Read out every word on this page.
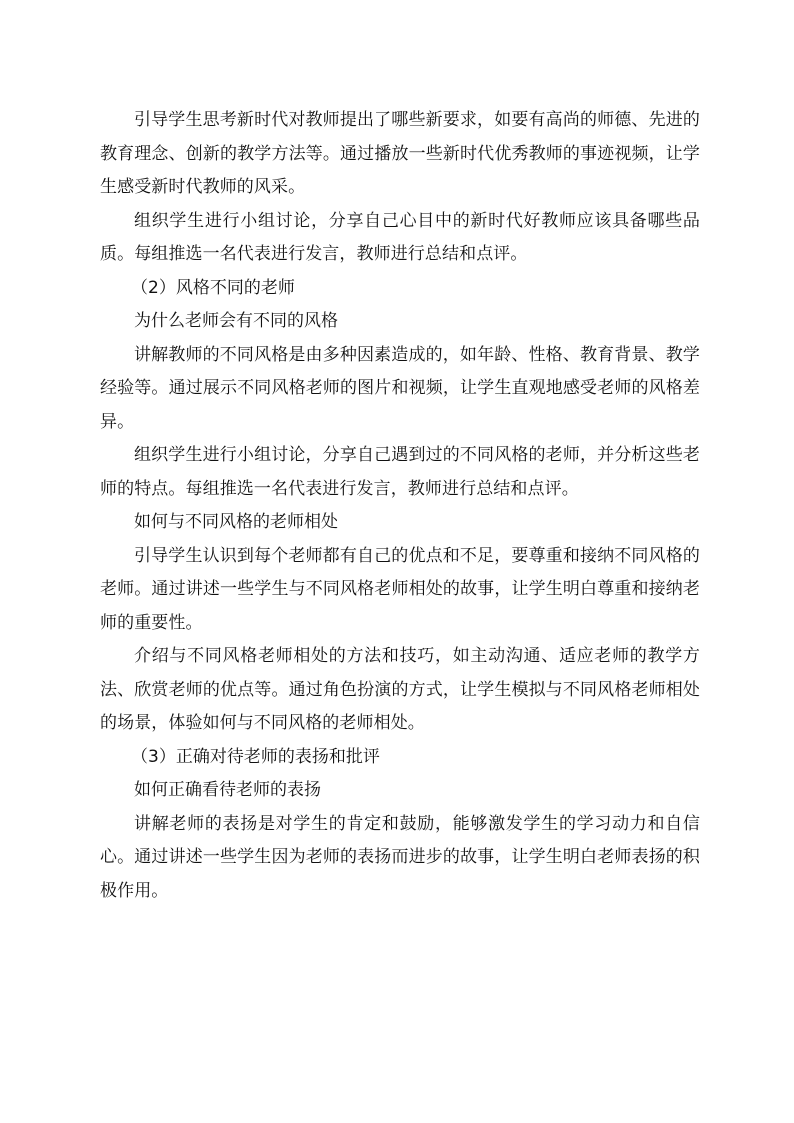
引导学生思考新时代对教师提出了哪些新要求，如要有高尚的师德、先进的教育理念、创新的教学方法等。通过播放一些新时代优秀教师的事迹视频，让学生感受新时代教师的风采。

组织学生进行小组讨论，分享自己心目中的新时代好教师应该具备哪些品质。每组推选一名代表进行发言，教师进行总结和点评。

（2）风格不同的老师

为什么老师会有不同的风格

讲解教师的不同风格是由多种因素造成的，如年龄、性格、教育背景、教学经验等。通过展示不同风格老师的图片和视频，让学生直观地感受老师的风格差异。

组织学生进行小组讨论，分享自己遇到过的不同风格的老师，并分析这些老师的特点。每组推选一名代表进行发言，教师进行总结和点评。

如何与不同风格的老师相处

引导学生认识到每个老师都有自己的优点和不足，要尊重和接纳不同风格的老师。通过讲述一些学生与不同风格老师相处的故事，让学生明白尊重和接纳老师的重要性。

介绍与不同风格老师相处的方法和技巧，如主动沟通、适应老师的教学方法、欣赏老师的优点等。通过角色扮演的方式，让学生模拟与不同风格老师相处的场景，体验如何与不同风格的老师相处。

（3）正确对待老师的表扬和批评

如何正确看待老师的表扬

讲解老师的表扬是对学生的肯定和鼓励，能够激发学生的学习动力和自信心。通过讲述一些学生因为老师的表扬而进步的故事，让学生明白老师表扬的积极作用。
